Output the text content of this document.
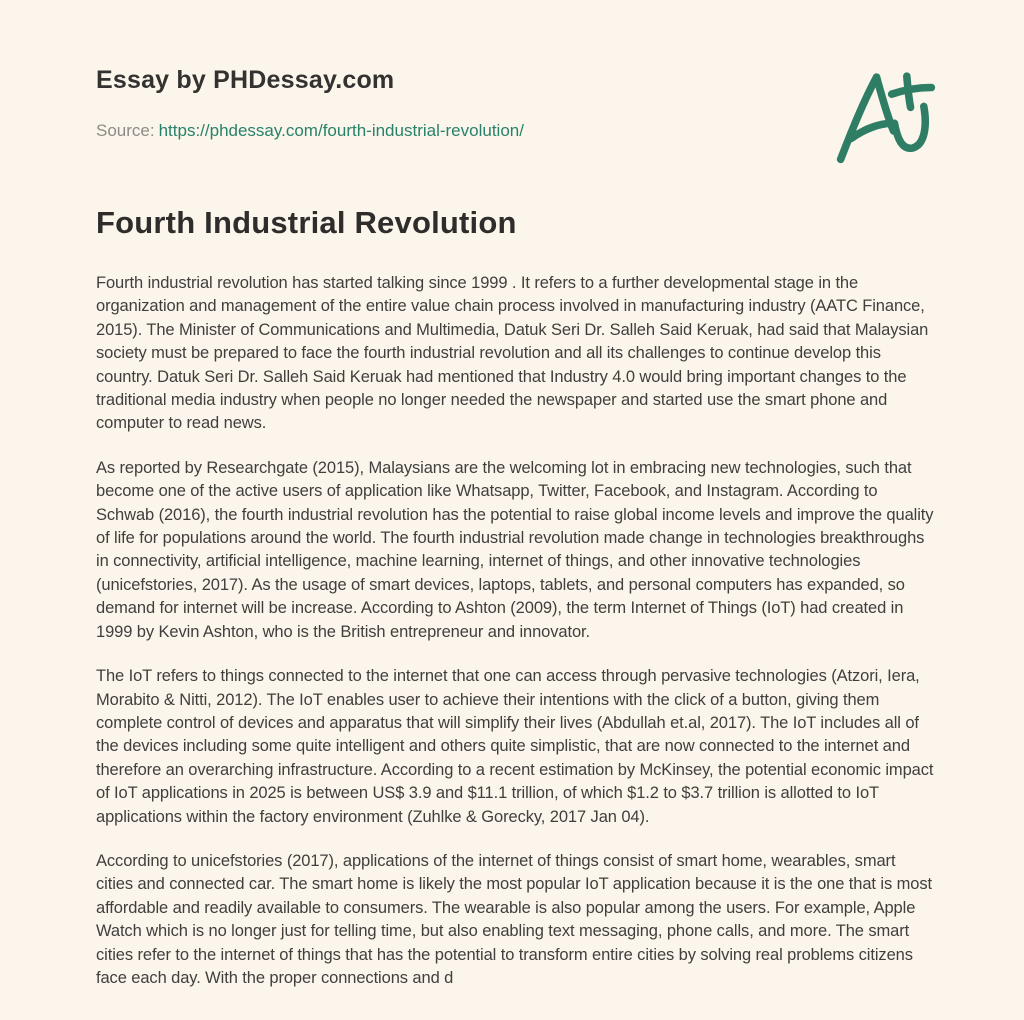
Essay by PHDessay.com

Source: https://phdessay.com/fourth-industrial-revolution/

Fourth Industrial Revolution

Fourth industrial revolution has started talking since 1999 . It refers to a further developmental stage in the organization and management of the entire value chain process involved in manufacturing industry (AATC Finance, 2015). The Minister of Communications and Multimedia, Datuk Seri Dr. Salleh Said Keruak, had said that Malaysian society must be prepared to face the fourth industrial revolution and all its challenges to continue develop this country. Datuk Seri Dr. Salleh Said Keruak had mentioned that Industry 4.0 would bring important changes to the traditional media industry when people no longer needed the newspaper and started use the smart phone and computer to read news.

As reported by Researchgate (2015), Malaysians are the welcoming lot in embracing new technologies, such that become one of the active users of application like Whatsapp, Twitter, Facebook, and Instagram. According to Schwab (2016), the fourth industrial revolution has the potential to raise global income levels and improve the quality of life for populations around the world. The fourth industrial revolution made change in technologies breakthroughs in connectivity, artificial intelligence, machine learning, internet of things, and other innovative technologies (unicefstories, 2017). As the usage of smart devices, laptops, tablets, and personal computers has expanded, so demand for internet will be increase. According to Ashton (2009), the term Internet of Things (IoT) had created in 1999 by Kevin Ashton, who is the British entrepreneur and innovator.

The IoT refers to things connected to the internet that one can access through pervasive technologies (Atzori, Iera, Morabito & Nitti, 2012). The IoT enables user to achieve their intentions with the click of a button, giving them complete control of devices and apparatus that will simplify their lives (Abdullah et.al, 2017). The IoT includes all of the devices including some quite intelligent and others quite simplistic, that are now connected to the internet and therefore an overarching infrastructure. According to a recent estimation by McKinsey, the potential economic impact of IoT applications in 2025 is between US$ 3.9 and $11.1 trillion, of which $1.2 to $3.7 trillion is allotted to IoT applications within the factory environment (Zuhlke & Gorecky, 2017 Jan 04).

According to unicefstories (2017), applications of the internet of things consist of smart home, wearables, smart cities and connected car. The smart home is likely the most popular IoT application because it is the one that is most affordable and readily available to consumers. The wearable is also popular among the users. For example, Apple Watch which is no longer just for telling time, but also enabling text messaging, phone calls, and more. The smart cities refer to the internet of things that has the potential to transform entire cities by solving real problems citizens face each day. With the proper connections and d
